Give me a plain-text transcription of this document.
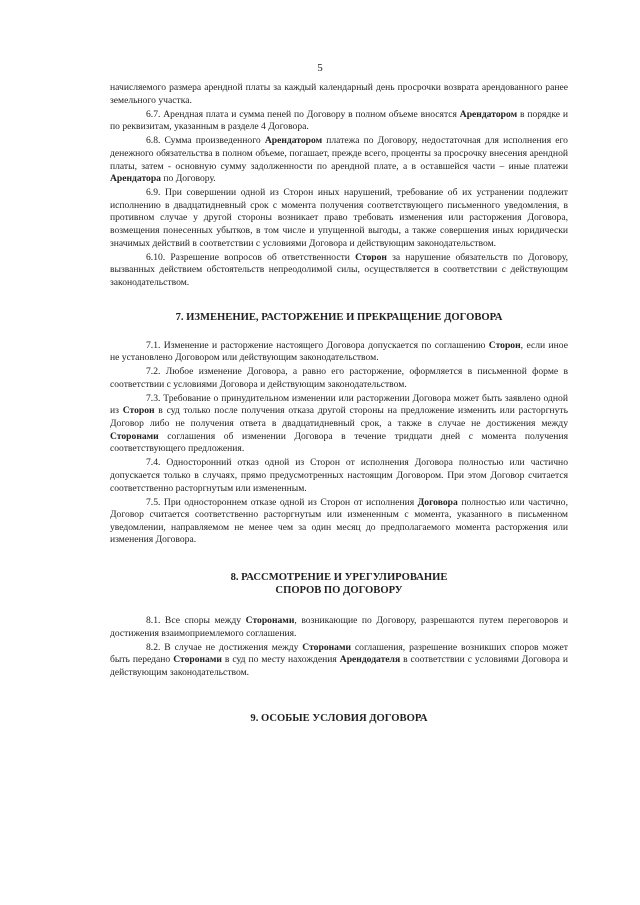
5

начисляемого размера арендной платы за каждый календарный день просрочки возврата арендованного ранее земельного участка.

6.7. Арендная плата и сумма пеней по Договору в полном объеме вносятся Арендатором в порядке и по реквизитам, указанным в разделе 4 Договора.

6.8. Сумма произведенного Арендатором платежа по Договору, недостаточная для исполнения его денежного обязательства в полном объеме, погашает, прежде всего, проценты за просрочку внесения арендной платы, затем - основную сумму задолженности по арендной плате, а в оставшейся части – иные платежи Арендатора по Договору.

6.9. При совершении одной из Сторон иных нарушений, требование об их устранении подлежит исполнению в двадцатидневный срок с момента получения соответствующего письменного уведомления, в противном случае у другой стороны возникает право требовать изменения или расторжения Договора, возмещения понесенных убытков, в том числе и упущенной выгоды, а также совершения иных юридически значимых действий в соответствии с условиями Договора и действующим законодательством.

6.10. Разрешение вопросов об ответственности Сторон за нарушение обязательств по Договору, вызванных действием обстоятельств непреодолимой силы, осуществляется в соответствии с действующим законодательством.

7. ИЗМЕНЕНИЕ, РАСТОРЖЕНИЕ И ПРЕКРАЩЕНИЕ ДОГОВОРА

7.1. Изменение и расторжение настоящего Договора допускается по соглашению Сторон, если иное не установлено Договором или действующим законодательством.

7.2. Любое изменение Договора, а равно его расторжение, оформляется в письменной форме в соответствии с условиями Договора и действующим законодательством.

7.3. Требование о принудительном изменении или расторжении Договора может быть заявлено одной из Сторон в суд только после получения отказа другой стороны на предложение изменить или расторгнуть Договор либо не получения ответа в двадцатидневный срок, а также в случае не достижения между Сторонами соглашения об изменении Договора в течение тридцати дней с момента получения соответствующего предложения.

7.4. Односторонний отказ одной из Сторон от исполнения Договора полностью или частично допускается только в случаях, прямо предусмотренных настоящим Договором. При этом Договор считается соответственно расторгнутым или измененным.

7.5. При одностороннем отказе одной из Сторон от исполнения Договора полностью или частично, Договор считается соответственно расторгнутым или измененным с момента, указанного в письменном уведомлении, направляемом не менее чем за один месяц до предполагаемого момента расторжения или изменения Договора.

8. РАССМОТРЕНИЕ И УРЕГУЛИРОВАНИЕ
СПОРОВ ПО ДОГОВОРУ

8.1. Все споры между Сторонами, возникающие по Договору, разрешаются путем переговоров и достижения взаимоприемлемого соглашения.

8.2. В случае не достижения между Сторонами соглашения, разрешение возникших споров может быть передано Сторонами в суд по месту нахождения Арендодателя в соответствии с условиями Договора и действующим законодательством.

9. ОСОБЫЕ УСЛОВИЯ ДОГОВОРА
